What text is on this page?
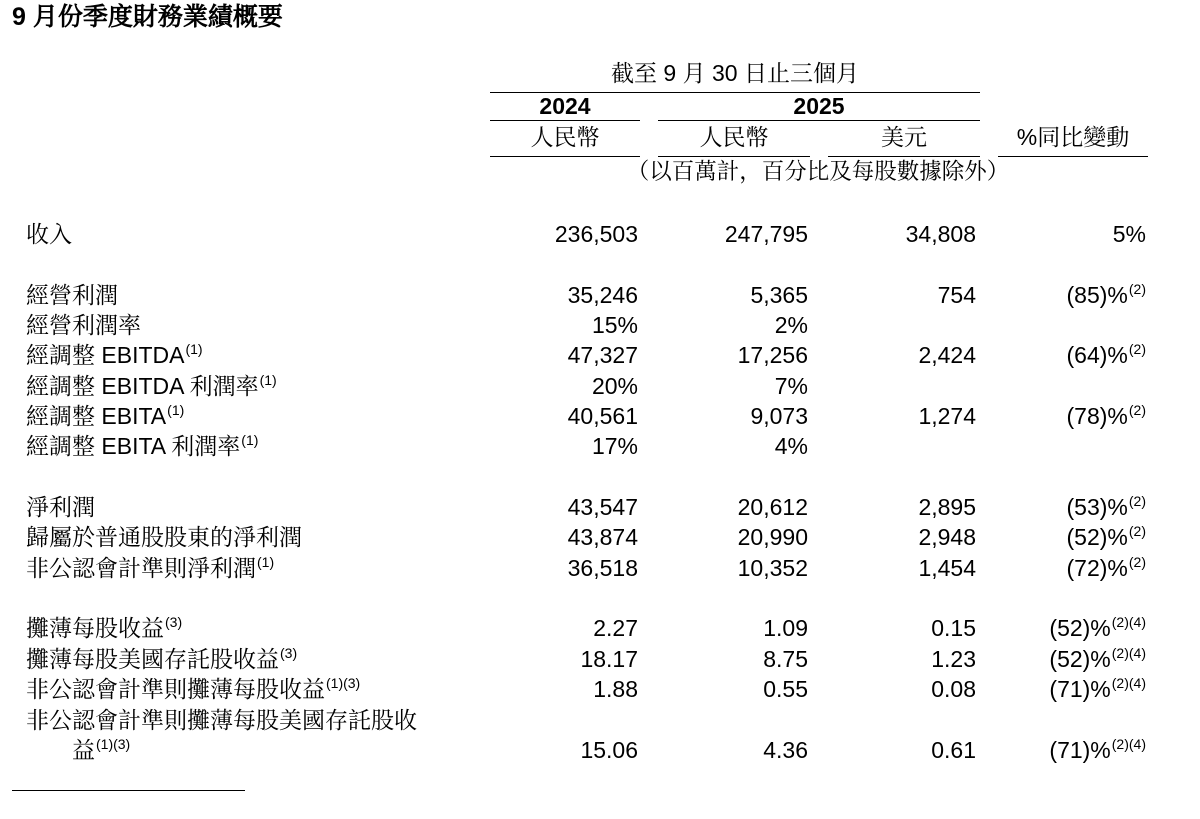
9 月份季度財務業績概要
截至 9 月 30 日止三個月
2024	2025
人民幣	人民幣	美元	%同比變動
（以百萬計，百分比及每股數據除外）
收入	236,503	247,795	34,808	5%
經營利潤	35,246	5,365	754	(85)%$^{(2)}$
經營利潤率	15%	2%
經調整 EBITDA$^{(1)}$	47,327	17,256	2,424	(64)%$^{(2)}$
經調整 EBITDA 利潤率$^{(1)}$	20%	7%
經調整 EBITA$^{(1)}$	40,561	9,073	1,274	(78)%$^{(2)}$
經調整 EBITA 利潤率$^{(1)}$	17%	4%
淨利潤	43,547	20,612	2,895	(53)%$^{(2)}$
歸屬於普通股股東的淨利潤	43,874	20,990	2,948	(52)%$^{(2)}$
非公認會計準則淨利潤$^{(1)}$	36,518	10,352	1,454	(72)%$^{(2)}$
攤薄每股收益$^{(3)}$	2.27	1.09	0.15	(52)%$^{(2)(4)}$
攤薄每股美國存託股收益$^{(3)}$	18.17	8.75	1.23	(52)%$^{(2)(4)}$
非公認會計準則攤薄每股收益$^{(1)(3)}$	1.88	0.55	0.08	(71)%$^{(2)(4)}$
非公認會計準則攤薄每股美國存託股收益$^{(1)(3)}$	15.06	4.36	0.61	(71)%$^{(2)(4)}$
